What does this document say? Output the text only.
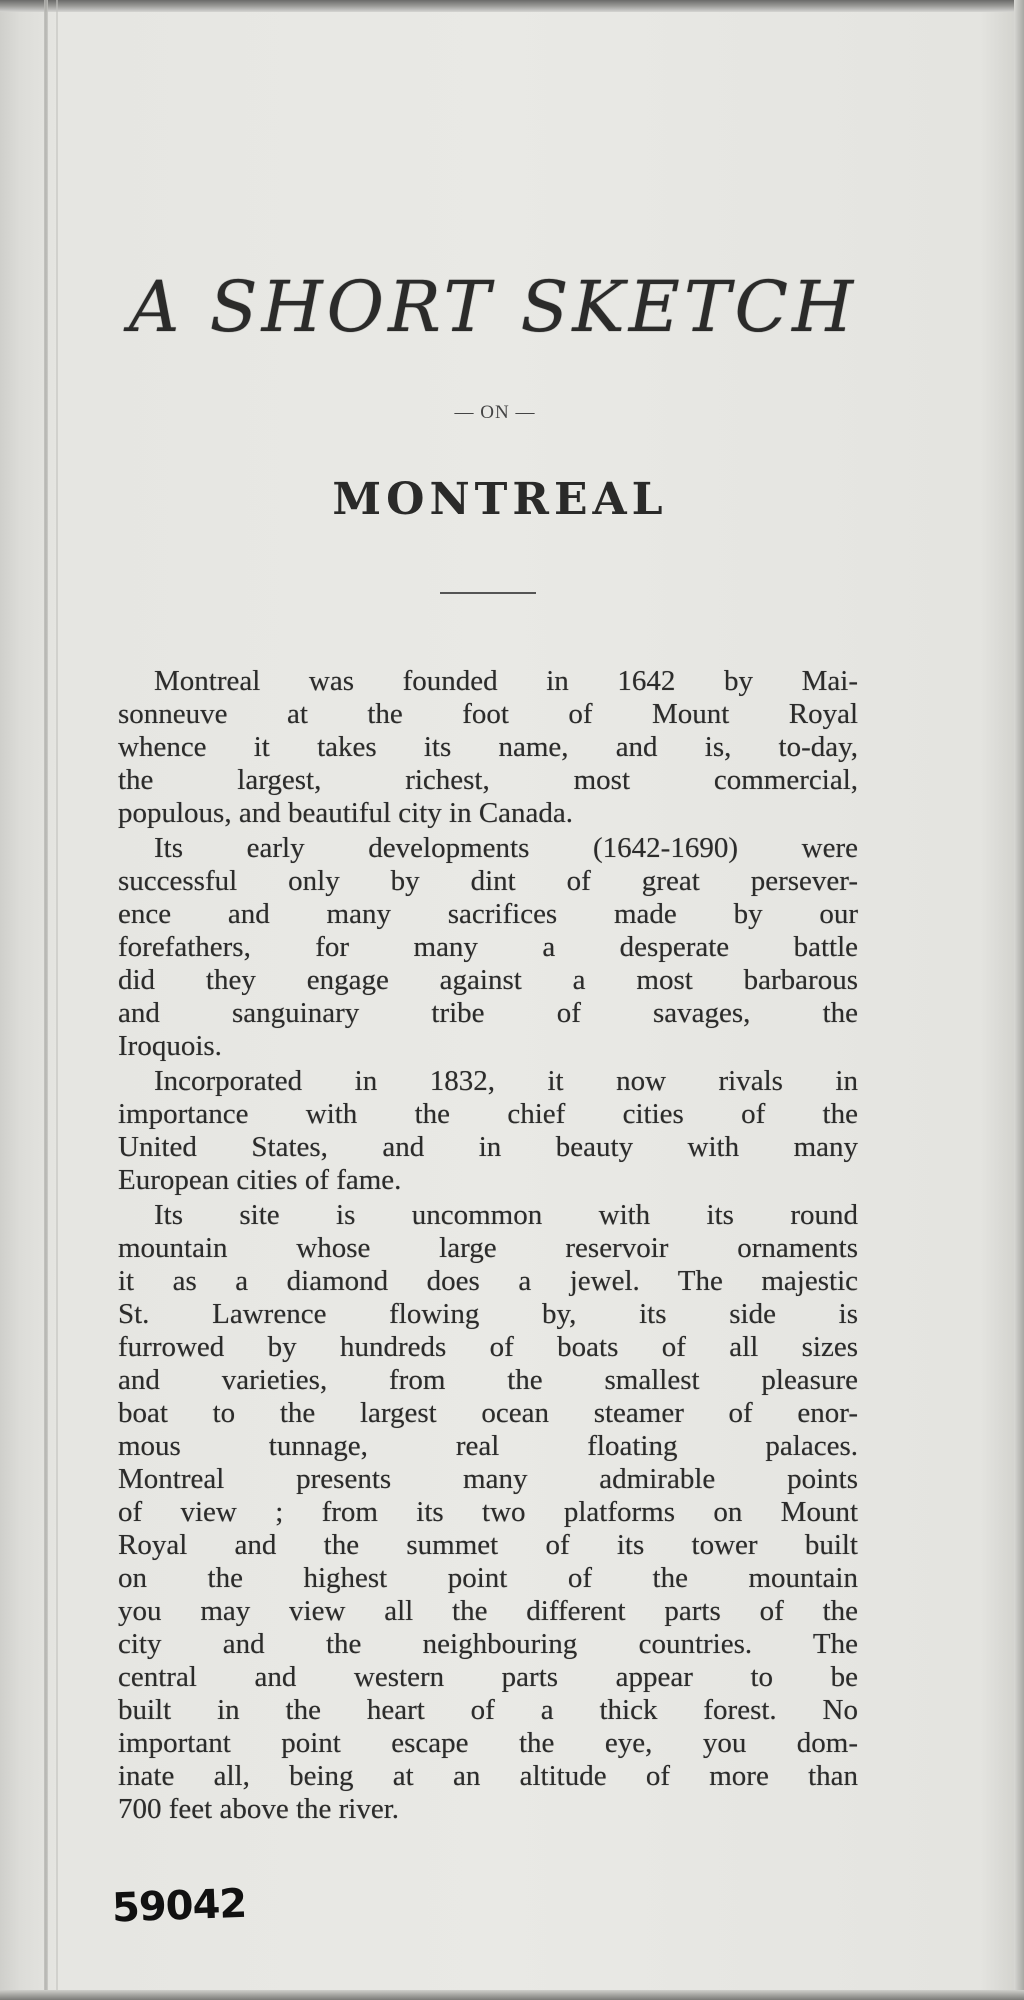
A SHORT SKETCH
— ON —
MONTREAL
Montreal was founded in 1642 by Mai-
sonneuve at the foot of Mount Royal
whence it takes its name, and is, to-day,
the largest, richest, most commercial,
populous, and beautiful city in Canada.
Its early developments (1642-1690) were
successful only by dint of great persever-
ence and many sacrifices made by our
forefathers, for many a desperate battle
did they engage against a most barbarous
and sanguinary tribe of savages, the
Iroquois.
Incorporated in 1832, it now rivals in
importance with the chief cities of the
United States, and in beauty with many
European cities of fame.
Its site is uncommon with its round
mountain whose large reservoir ornaments
it as a diamond does a jewel. The majestic
St. Lawrence flowing by, its side is
furrowed by hundreds of boats of all sizes
and varieties, from the smallest pleasure
boat to the largest ocean steamer of enor-
mous tunnage, real floating palaces.
Montreal presents many admirable points
of view ; from its two platforms on Mount
Royal and the summet of its tower built
on the highest point of the mountain
you may view all the different parts of the
city and the neighbouring countries. The
central and western parts appear to be
built in the heart of a thick forest. No
important point escape the eye, you dom-
inate all, being at an altitude of more than
700 feet above the river.
59042
